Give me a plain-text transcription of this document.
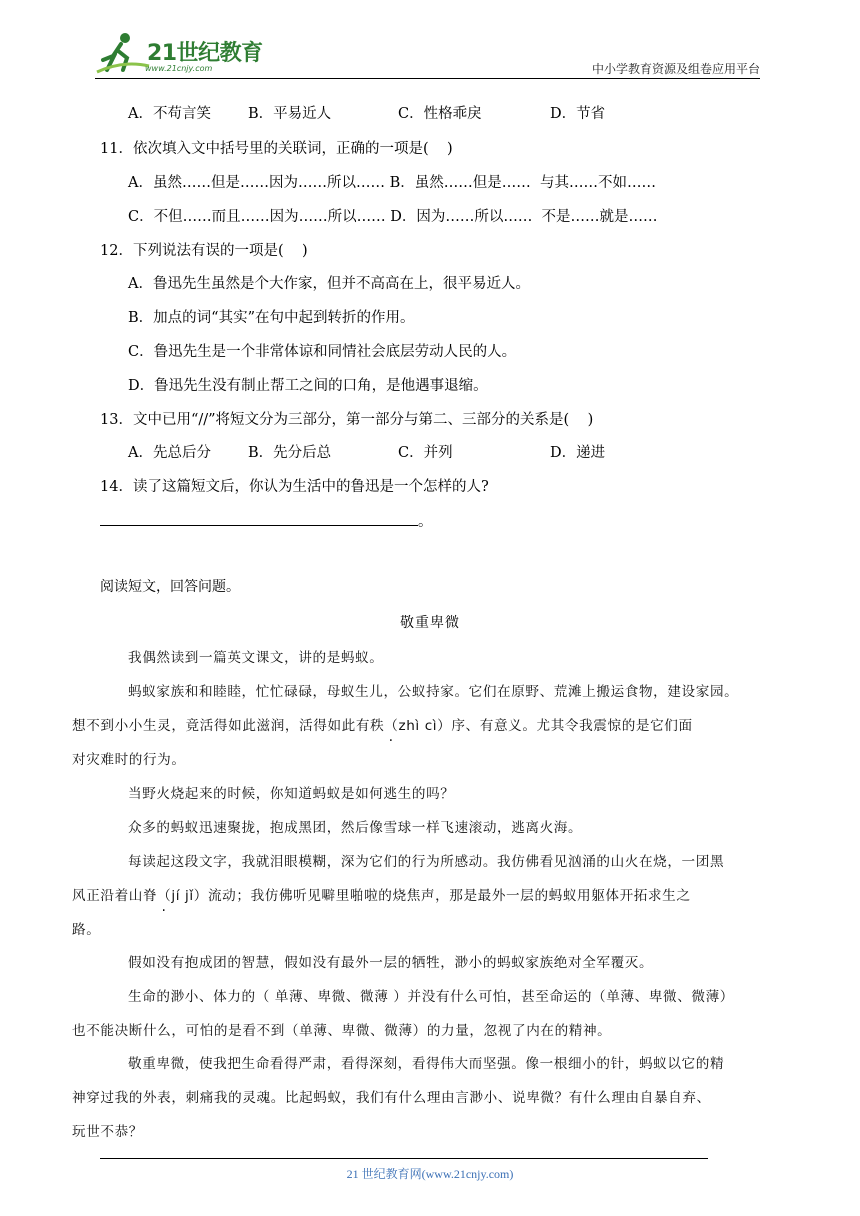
21世纪教育
www.21cnjy.com	中小学教育资源及组卷应用平台
A．不苟言笑	B．平易近人	C．性格乖戾	D．节省
11．依次填入文中括号里的关联词，正确的一项是(    )
A．虽然……但是……因为……所以…… B．虽然……但是……  与其……不如……
C．不但……而且……因为……所以…… D．因为……所以……  不是……就是……
12．下列说法有误的一项是(    )
A．鲁迅先生虽然是个大作家，但并不高高在上，很平易近人。
B．加点的词“其实”在句中起到转折的作用。
C．鲁迅先生是一个非常体谅和同情社会底层劳动人民的人。
D．鲁迅先生没有制止帮工之间的口角，是他遇事退缩。
13．文中已用“//”将短文分为三部分，第一部分与第二、三部分的关系是(    )
A．先总后分	B．先分后总	C．并列	D．递进
14．读了这篇短文后，你认为生活中的鲁迅是一个怎样的人?
。
阅读短文，回答问题。
敬重卑微
我偶然读到一篇英文课文，讲的是蚂蚁。
蚂蚁家族和和睦睦，忙忙碌碌，母蚁生儿，公蚁持家。它们在原野、荒滩上搬运食物，建设家园。
想不到小小生灵，竟活得如此滋润，活得如此有秩（zhì cì）序、有意义。尤其令我震惊的是它们面
对灾难时的行为。
当野火烧起来的时候，你知道蚂蚁是如何逃生的吗？
众多的蚂蚁迅速聚拢，抱成黑团，然后像雪球一样飞速滚动，逃离火海。
每读起这段文字，我就泪眼模糊，深为它们的行为所感动。我仿佛看见汹涌的山火在烧，一团黑
风正沿着山脊（jí jǐ）流动；我仿佛听见噼里啪啦的烧焦声，那是最外一层的蚂蚁用躯体开拓求生之
路。
假如没有抱成团的智慧，假如没有最外一层的牺牲，渺小的蚂蚁家族绝对全军覆灭。
生命的渺小、体力的（ 单薄、卑微、微薄 ）并没有什么可怕，甚至命运的（单薄、卑微、微薄）
也不能决断什么，可怕的是看不到（单薄、卑微、微薄）的力量，忽视了内在的精神。
敬重卑微，使我把生命看得严肃，看得深刻，看得伟大而坚强。像一根细小的针，蚂蚁以它的精
神穿过我的外表，刺痛我的灵魂。比起蚂蚁，我们有什么理由言渺小、说卑微？有什么理由自暴自弃、
玩世不恭？
21 世纪教育网(www.21cnjy.com)
